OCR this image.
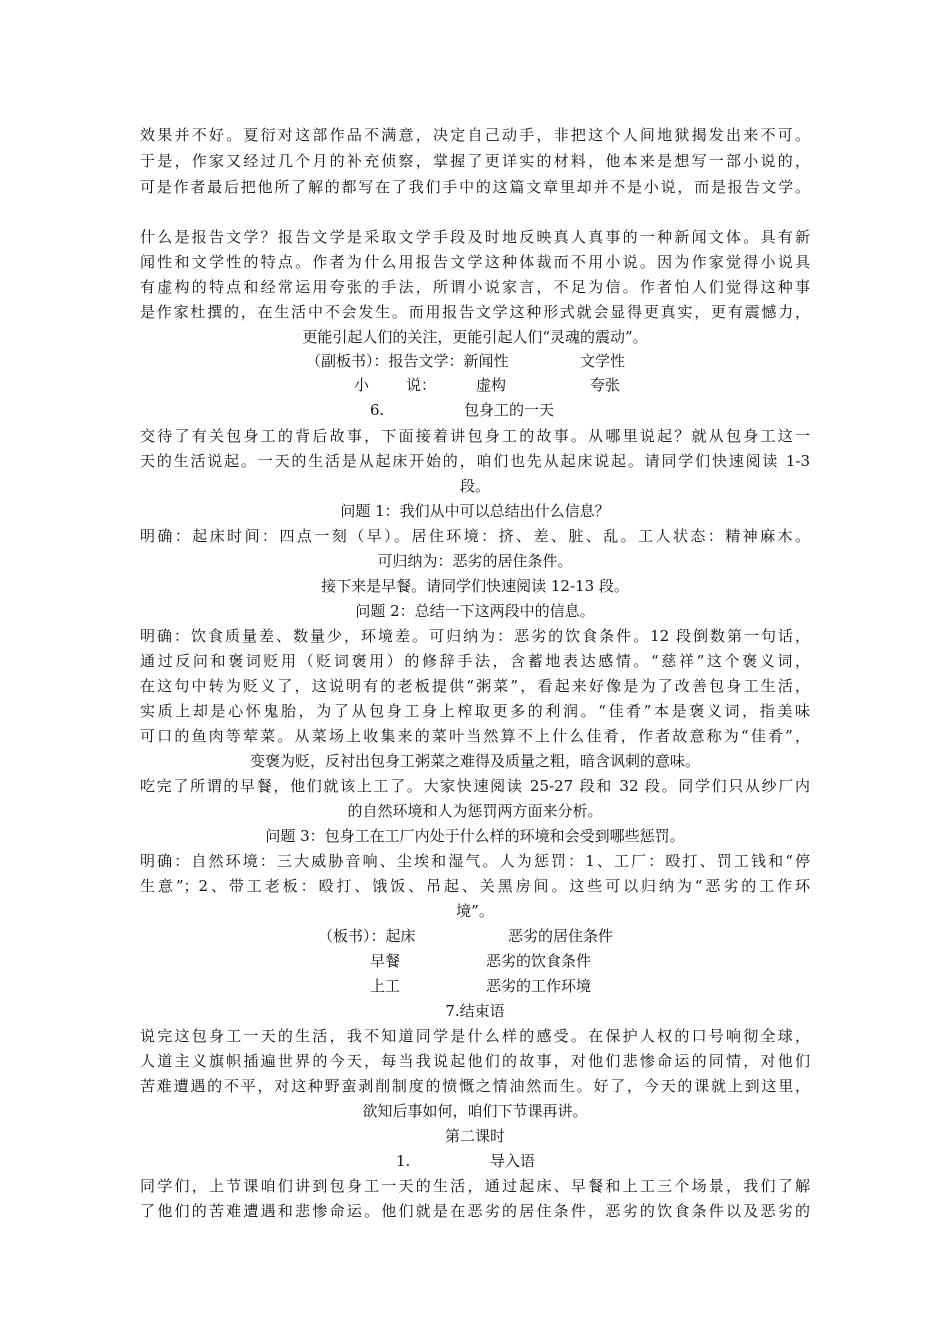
效果并不好。夏衍对这部作品不满意，决定自己动手，非把这个人间地狱揭发出来不可。
于是，作家又经过几个月的补充侦察，掌握了更详实的材料，他本来是想写一部小说的，
可是作者最后把他所了解的都写在了我们手中的这篇文章里却并不是小说，而是报告文学。
什么是报告文学？报告文学是采取文学手段及时地反映真人真事的一种新闻文体。具有新
闻性和文学性的特点。作者为什么用报告文学这种体裁而不用小说。因为作家觉得小说具
有虚构的特点和经常运用夸张的手法，所谓小说家言，不足为信。作者怕人们觉得这种事
是作家杜撰的，在生活中不会发生。而用报告文学这种形式就会显得更真实，更有震憾力，
更能引起人们的关注，更能引起人们“灵魂的震动”。
（副板书）：报告文学：新闻性	文学性
小 说：	虚构	夸张
6.	包身工的一天
交待了有关包身工的背后故事，下面接着讲包身工的故事。从哪里说起？就从包身工这一
天的生活说起。一天的生活是从起床开始的，咱们也先从起床说起。请同学们快速阅读 1-3
段。
问题 1：我们从中可以总结出什么信息？
明确：起床时间：四点一刻（早）。居住环境：挤、差、脏、乱。工人状态：精神麻木。
可归纳为：恶劣的居住条件。
接下来是早餐。请同学们快速阅读 12-13 段。
问题 2：总结一下这两段中的信息。
明确：饮食质量差、数量少，环境差。可归纳为：恶劣的饮食条件。12 段倒数第一句话，
通过反问和褒词贬用（贬词褒用）的修辞手法，含蓄地表达感情。“慈祥”这个褒义词，
在这句中转为贬义了，这说明有的老板提供“粥菜”，看起来好像是为了改善包身工生活，
实质上却是心怀鬼胎，为了从包身工身上榨取更多的利润。“佳肴”本是褒义词，指美味
可口的鱼肉等荤菜。从菜场上收集来的菜叶当然算不上什么佳肴，作者故意称为“佳肴”，
变褒为贬，反衬出包身工粥菜之难得及质量之粗，暗含讽刺的意味。
吃完了所谓的早餐，他们就该上工了。大家快速阅读 25-27 段和 32 段。同学们只从纱厂内
的自然环境和人为惩罚两方面来分析。
问题 3：包身工在工厂内处于什么样的环境和会受到哪些惩罚。
明确：自然环境：三大威胁音响、尘埃和湿气。人为惩罚：1、工厂：殴打、罚工钱和“停
生意”；2、带工老板：殴打、饿饭、吊起、关黑房间。这些可以归纳为“恶劣的工作环
境”。
（板书）：起床	恶劣的居住条件
早餐	恶劣的饮食条件
上工	恶劣的工作环境
7.结束语
说完这包身工一天的生活，我不知道同学是什么样的感受。在保护人权的口号响彻全球，
人道主义旗帜插遍世界的今天，每当我说起他们的故事，对他们悲惨命运的同情，对他们
苦难遭遇的不平，对这种野蛮剥削制度的愤慨之情油然而生。好了，今天的课就上到这里，
欲知后事如何，咱们下节课再讲。
第二课时
1.	导入语
同学们，上节课咱们讲到包身工一天的生活，通过起床、早餐和上工三个场景，我们了解
了他们的苦难遭遇和悲惨命运。他们就是在恶劣的居住条件，恶劣的饮食条件以及恶劣的
